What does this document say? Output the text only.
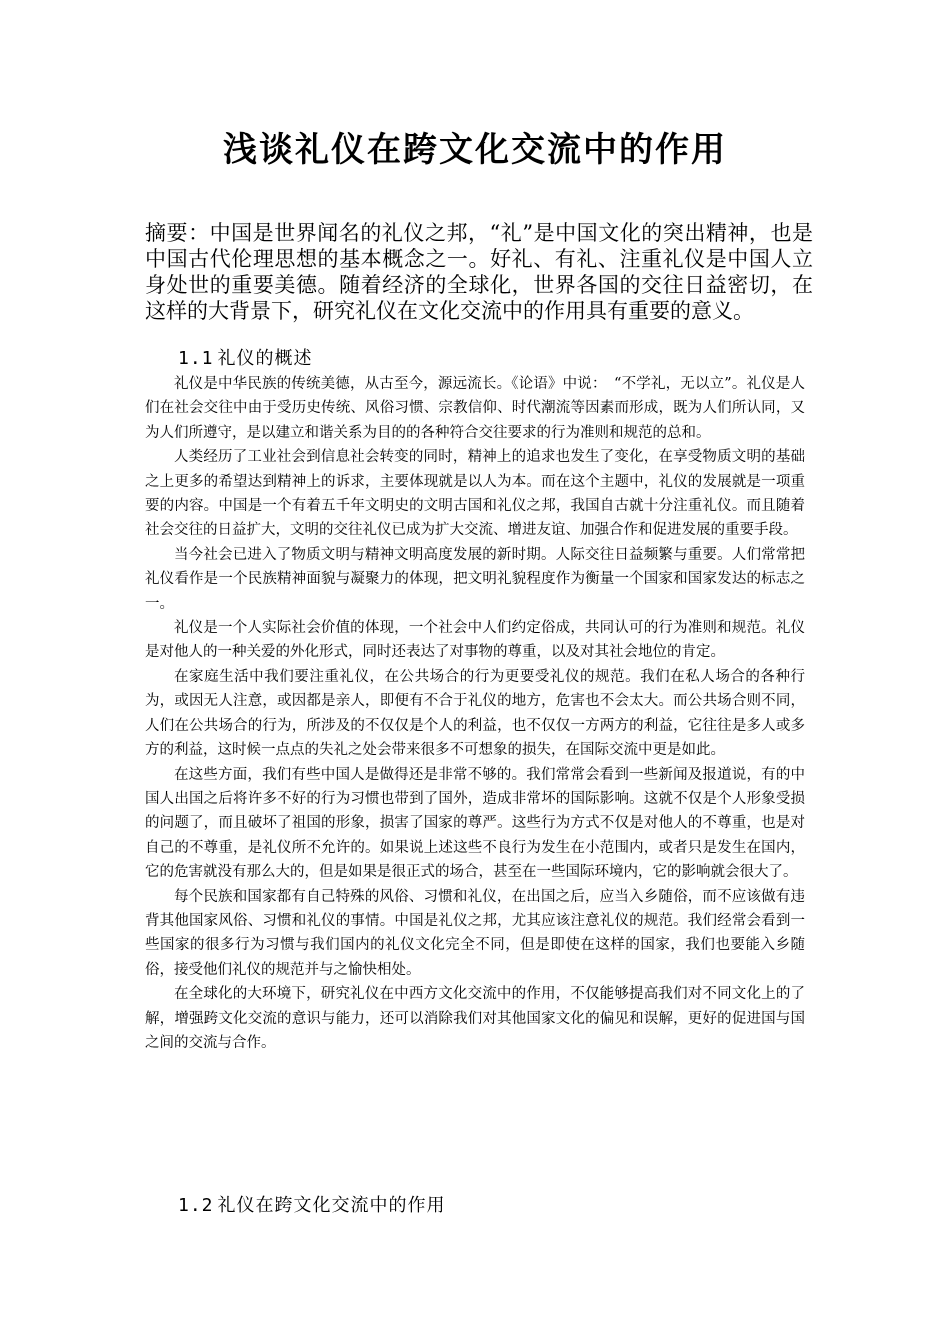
浅谈礼仪在跨文化交流中的作用
摘要：中国是世界闻名的礼仪之邦，“礼”是中国文化的突出精神，也是中国古代伦理思想的基本概念之一。好礼、有礼、注重礼仪是中国人立身处世的重要美德。随着经济的全球化，世界各国的交往日益密切，在这样的大背景下，研究礼仪在文化交流中的作用具有重要的意义。
1.1 礼仪的概述

礼仪是中华民族的传统美德，从古至今，源远流长。《论语》中说：　“不学礼，无以立”。礼仪是人们在社会交往中由于受历史传统、风俗习惯、宗教信仰、时代潮流等因素而形成，既为人们所认同，又为人们所遵守，是以建立和谐关系为目的的各种符合交往要求的行为准则和规范的总和。

人类经历了工业社会到信息社会转变的同时，精神上的追求也发生了变化，在享受物质文明的基础之上更多的希望达到精神上的诉求，主要体现就是以人为本。而在这个主题中，礼仪的发展就是一项重要的内容。中国是一个有着五千年文明史的文明古国和礼仪之邦，我国自古就十分注重礼仪。而且随着社会交往的日益扩大，文明的交往礼仪已成为扩大交流、增进友谊、加强合作和促进发展的重要手段。

当今社会已进入了物质文明与精神文明高度发展的新时期。人际交往日益频繁与重要。人们常常把礼仪看作是一个民族精神面貌与凝聚力的体现，把文明礼貌程度作为衡量一个国家和国家发达的标志之一。

礼仪是一个人实际社会价值的体现，一个社会中人们约定俗成，共同认可的行为准则和规范。礼仪是对他人的一种关爱的外化形式，同时还表达了对事物的尊重，以及对其社会地位的肯定。

在家庭生活中我们要注重礼仪，在公共场合的行为更要受礼仪的规范。我们在私人场合的各种行为，或因无人注意，或因都是亲人，即便有不合于礼仪的地方，危害也不会太大。而公共场合则不同，人们在公共场合的行为，所涉及的不仅仅是个人的利益，也不仅仅一方两方的利益，它往往是多人或多方的利益，这时候一点点的失礼之处会带来很多不可想象的损失，在国际交流中更是如此。

在这些方面，我们有些中国人是做得还是非常不够的。我们常常会看到一些新闻及报道说，有的中国人出国之后将许多不好的行为习惯也带到了国外，造成非常坏的国际影响。这就不仅是个人形象受损的问题了，而且破坏了祖国的形象，损害了国家的尊严。这些行为方式不仅是对他人的不尊重，也是对自己的不尊重，是礼仪所不允许的。如果说上述这些不良行为发生在小范围内，或者只是发生在国内，它的危害就没有那么大的，但是如果是很正式的场合，甚至在一些国际环境内，它的影响就会很大了。

每个民族和国家都有自己特殊的风俗、习惯和礼仪，在出国之后，应当入乡随俗，而不应该做有违背其他国家风俗、习惯和礼仪的事情。中国是礼仪之邦，尤其应该注意礼仪的规范。我们经常会看到一些国家的很多行为习惯与我们国内的礼仪文化完全不同，但是即使在这样的国家，我们也要能入乡随俗，接受他们礼仪的规范并与之愉快相处。

在全球化的大环境下，研究礼仪在中西方文化交流中的作用，不仅能够提高我们对不同文化上的了解，增强跨文化交流的意识与能力，还可以消除我们对其他国家文化的偏见和误解，更好的促进国与国之间的交流与合作。

1.2 礼仪在跨文化交流中的作用
